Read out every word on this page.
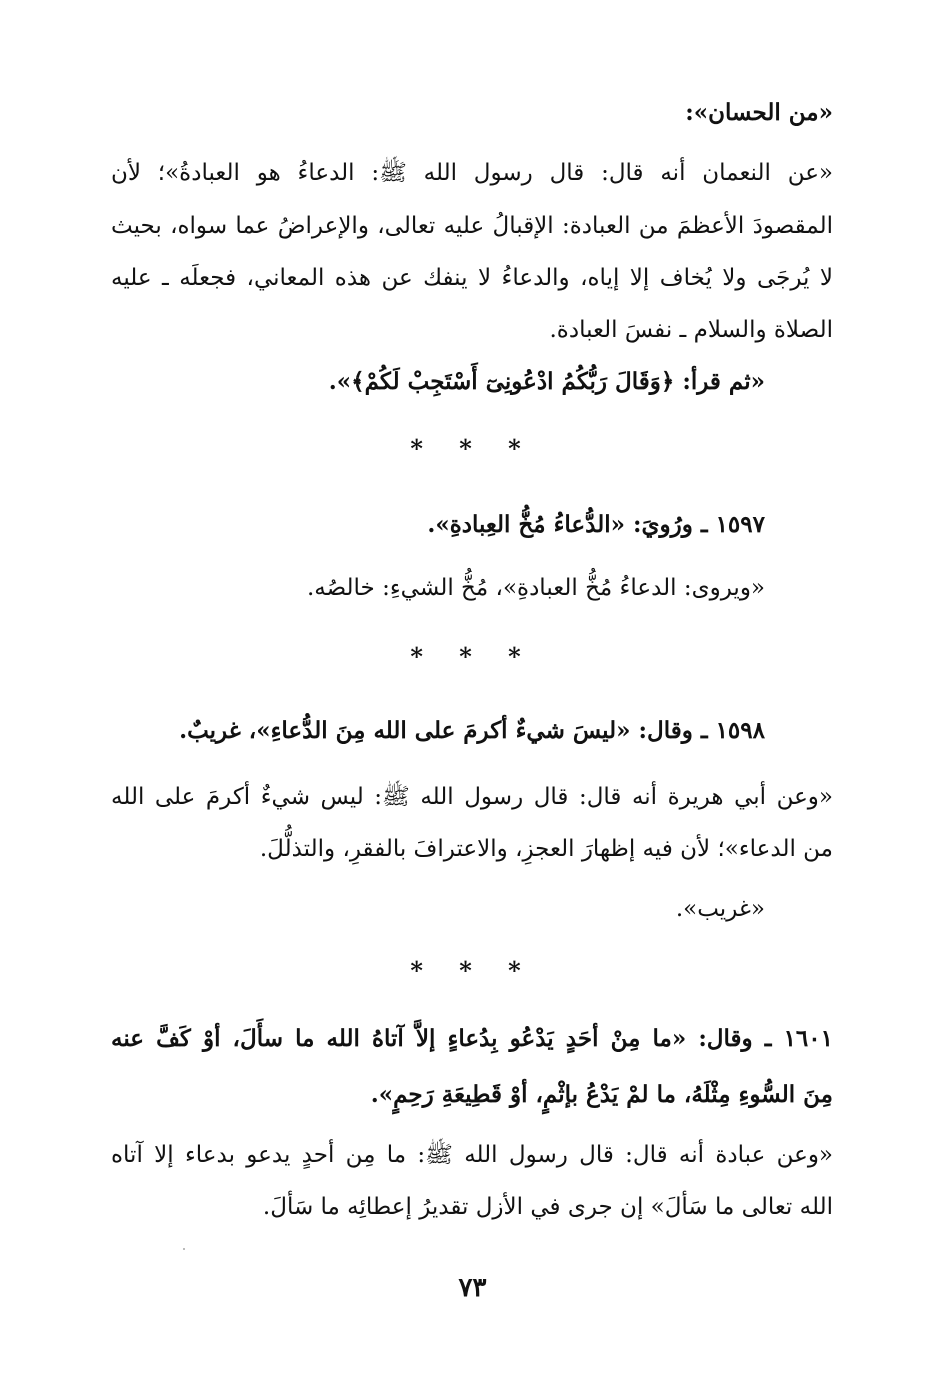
«من الحسان»:
«عن النعمان أنه قال: قال رسول الله ﷺ: الدعاءُ هو العبادةُ»؛ لأن
المقصودَ الأعظمَ من العبادة: الإقبالُ عليه تعالى، والإعراضُ عما سواه، بحيث
لا يُرجَى ولا يُخاف إلا إياه، والدعاءُ لا ينفك عن هذه المعاني، فجعلَه ـ عليه
الصلاة والسلام ـ نفسَ العبادة.
«ثم قرأ: ﴿وَقَالَ رَبُّكُمُ ادْعُونِىٓ أَسْتَجِبْ لَكُمْ﴾».
* * *
١٥٩٧ ـ ورُويَ: «الدُّعاءُ مُخُّ العِبادةِ».
«ويروى: الدعاءُ مُخُّ العبادةِ»، مُخُّ الشيءِ: خالصُه.
* * *
١٥٩٨ ـ وقال: «ليسَ شيءٌ أكرمَ على الله مِنَ الدُّعاءِ»، غريبٌ.
«وعن أبي هريرة أنه قال: قال رسول الله ﷺ: ليس شيءٌ أكرمَ على الله
من الدعاء»؛ لأن فيه إظهارَ العجزِ، والاعترافَ بالفقرِ، والتذلُّلَ.
«غريب».
* * *
١٦٠١ ـ وقال: «ما مِنْ أحَدٍ يَدْعُو بِدُعاءٍ إلاَّ آتاهُ الله ما سأَلَ، أوْ كَفَّ عنه
مِنَ السُّوءِ مِثْلَهُ، ما لمْ يَدْعُ بإثْمٍ، أوْ قَطِيعَةِ رَحِمٍ».
«وعن عبادة أنه قال: قال رسول الله ﷺ: ما مِن أحدٍ يدعو بدعاء إلا آتاه
الله تعالى ما سَألَ» إن جرى في الأزل تقديرُ إعطائِه ما سَألَ.
٧٣
